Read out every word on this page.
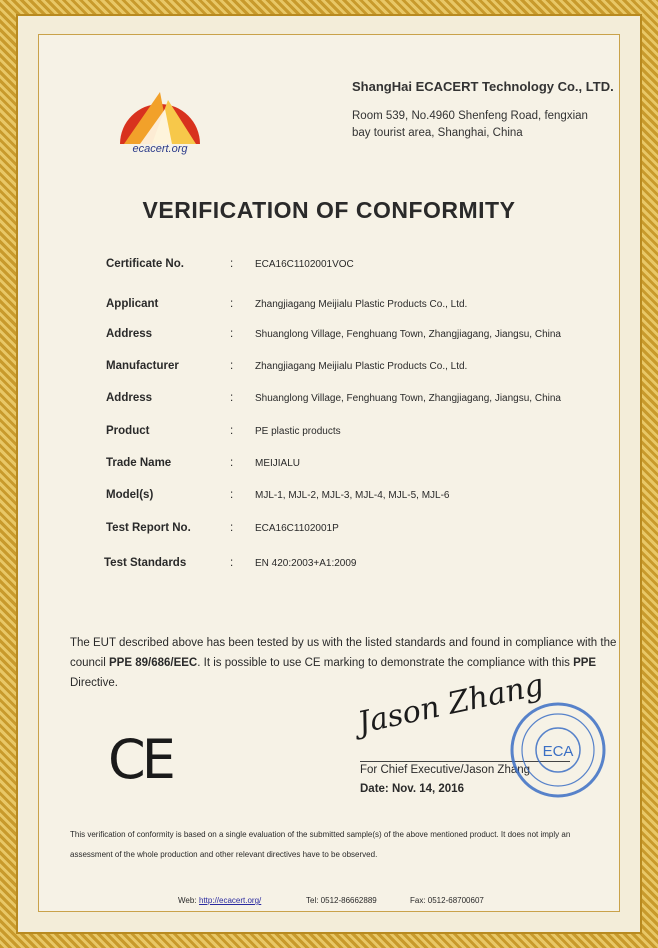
ecacert.org
ShangHai ECACERT Technology Co., LTD.
Room 539, No.4960 Shenfeng Road, fengxian
bay tourist area, Shanghai, China
VERIFICATION OF CONFORMITY
Certificate No.	: ECA16C1102001VOC
Applicant	: Zhangjiagang Meijialu Plastic Products Co., Ltd.
Address	: Shuanglong Village, Fenghuang Town, Zhangjiagang, Jiangsu, China
Manufacturer	: Zhangjiagang Meijialu Plastic Products Co., Ltd.
Address	: Shuanglong Village, Fenghuang Town, Zhangjiagang, Jiangsu, China
Product	: PE plastic products
Trade Name	: MEIJIALU
Model(s)	: MJL-1, MJL-2, MJL-3, MJL-4, MJL-5, MJL-6
Test Report No.	: ECA16C1102001P
Test Standards	: EN 420:2003+A1:2009
The EUT described above has been tested by us with the listed standards and found in compliance with the council PPE 89/686/EEC. It is possible to use CE marking to demonstrate the compliance with this PPE Directive.
CE
Jason Zhang
For Chief Executive/Jason Zhang
Date: Nov. 14, 2016
ECA
This verification of conformity is based on a single evaluation of the submitted sample(s) of the above mentioned product. It does not imply an assessment of the whole production and other relevant directives have to be observed.
Web: http://ecacert.org/	Tel: 0512-86662889	Fax: 0512-68700607
